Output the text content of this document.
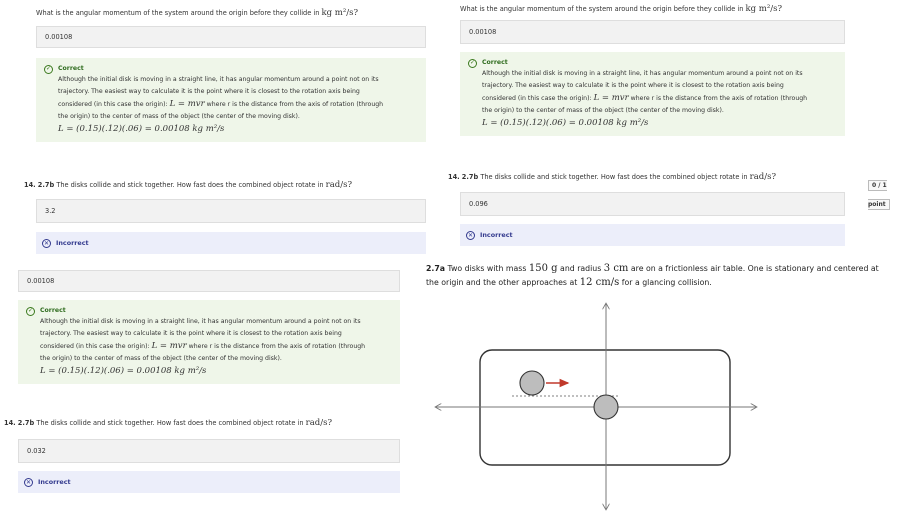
What is the angular momentum of the system around the origin before they collide in kg m²/s?
0.00108
✓	Correct
Although the initial disk is moving in a straight line, it has angular momentum around a point not on its
trajectory. The easiest way to calculate it is the point where it is closest to the rotation axis being
considered (in this case the origin): L = mvr where r is the distance from the axis of rotation (through
the origin) to the center of mass of the object (the center of the moving disk).
L = (0.15)(.12)(.06) = 0.00108 kg m²/s
14. 2.7b The disks collide and stick together. How fast does the combined object rotate in rad/s?
3.2
✕	Incorrect
0.00108
✓	Correct
Although the initial disk is moving in a straight line, it has angular momentum around a point not on its
trajectory. The easiest way to calculate it is the point where it is closest to the rotation axis being
considered (in this case the origin): L = mvr where r is the distance from the axis of rotation (through
the origin) to the center of mass of the object (the center of the moving disk).
L = (0.15)(.12)(.06) = 0.00108 kg m²/s
14. 2.7b The disks collide and stick together. How fast does the combined object rotate in rad/s?
0.032
✕	Incorrect
What is the angular momentum of the system around the origin before they collide in kg m²/s?
0.00108
✓	Correct
Although the initial disk is moving in a straight line, it has angular momentum around a point not on its
trajectory. The easiest way to calculate it is the point where it is closest to the rotation axis being
considered (in this case the origin): L = mvr where r is the distance from the axis of rotation (through
the origin) to the center of mass of the object (the center of the moving disk).
L = (0.15)(.12)(.06) = 0.00108 kg m²/s
14. 2.7b The disks collide and stick together. How fast does the combined object rotate in rad/s?
0 / 1 point
0.096
✕	Incorrect
2.7a Two disks with mass 150 g and radius 3 cm are on a frictionless air table. One is stationary and centered at
the origin and the other approaches at 12 cm/s for a glancing collision.
